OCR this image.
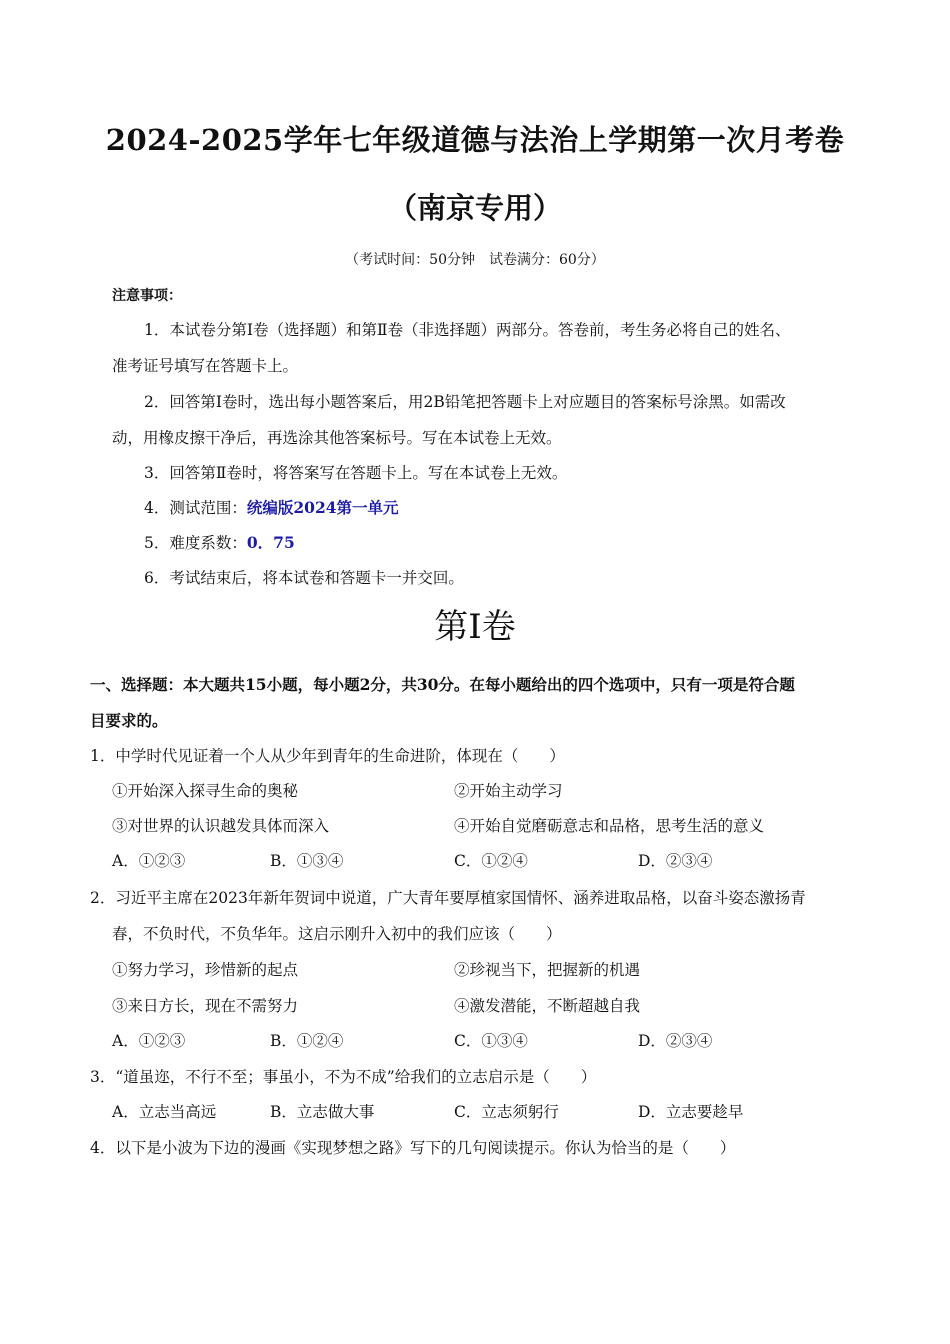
2024-2025学年七年级道德与法治上学期第一次月考卷
（南京专用）
（考试时间：50分钟　试卷满分：60分）
注意事项：
1．本试卷分第Ⅰ卷（选择题）和第Ⅱ卷（非选择题）两部分。答卷前，考生务必将自己的姓名、
准考证号填写在答题卡上。
2．回答第Ⅰ卷时，选出每小题答案后，用2B铅笔把答题卡上对应题目的答案标号涂黑。如需改
动，用橡皮擦干净后，再选涂其他答案标号。写在本试卷上无效。
3．回答第Ⅱ卷时，将答案写在答题卡上。写在本试卷上无效。
4．测试范围：统编版2024第一单元
5．难度系数：0．75
6．考试结束后，将本试卷和答题卡一并交回。
第Ⅰ卷
一、选择题：本大题共15小题，每小题2分，共30分。在每小题给出的四个选项中，只有一项是符合题
目要求的。
1．中学时代见证着一个人从少年到青年的生命进阶，体现在（　　）
①开始深入探寻生命的奥秘	②开始主动学习
③对世界的认识越发具体而深入	④开始自觉磨砺意志和品格，思考生活的意义
A．①②③	B．①③④	C．①②④	D．②③④
2．习近平主席在2023年新年贺词中说道，广大青年要厚植家国情怀、涵养进取品格，以奋斗姿态激扬青
春，不负时代，不负华年。这启示刚升入初中的我们应该（　　）
①努力学习，珍惜新的起点	②珍视当下，把握新的机遇
③来日方长，现在不需努力	④激发潜能，不断超越自我
A．①②③	B．①②④	C．①③④	D．②③④
3．“道虽迩，不行不至；事虽小，不为不成”给我们的立志启示是（　　）
A．立志当高远	B．立志做大事	C．立志须躬行	D．立志要趁早
4．以下是小波为下边的漫画《实现梦想之路》写下的几句阅读提示。你认为恰当的是（　　）
